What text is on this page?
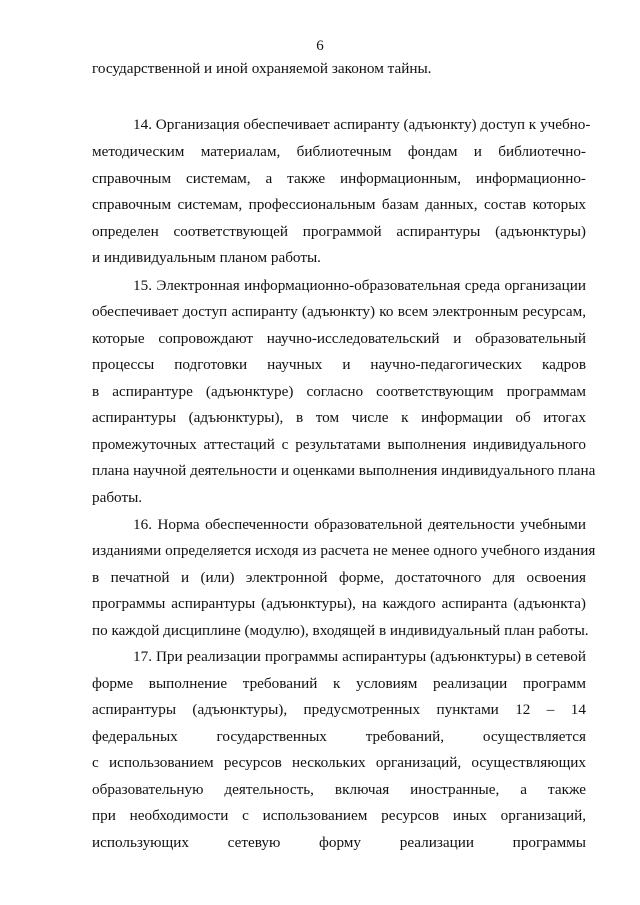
6
государственной и иной охраняемой законом тайны.
14. Организация обеспечивает аспиранту (адъюнкту) доступ к учебно-
методическим материалам, библиотечным фондам и библиотечно-
справочным системам, а также информационным, информационно-
справочным системам, профессиональным базам данных, состав которых
определен соответствующей программой аспирантуры (адъюнктуры)
и индивидуальным планом работы.
15. Электронная информационно-образовательная среда организации
обеспечивает доступ аспиранту (адъюнкту) ко всем электронным ресурсам,
которые сопровождают научно-исследовательский и образовательный
процессы подготовки научных и научно-педагогических кадров
в аспирантуре (адъюнктуре) согласно соответствующим программам
аспирантуры (адъюнктуры), в том числе к информации об итогах
промежуточных аттестаций с результатами выполнения индивидуального
плана научной деятельности и оценками выполнения индивидуального плана
работы.
16. Норма обеспеченности образовательной деятельности учебными
изданиями определяется исходя из расчета не менее одного учебного издания
в печатной и (или) электронной форме, достаточного для освоения
программы аспирантуры (адъюнктуры), на каждого аспиранта (адъюнкта)
по каждой дисциплине (модулю), входящей в индивидуальный план работы.
17. При реализации программы аспирантуры (адъюнктуры) в сетевой
форме выполнение требований к условиям реализации программ
аспирантуры (адъюнктуры), предусмотренных пунктами 12 – 14
федеральных государственных требований, осуществляется
с использованием ресурсов нескольких организаций, осуществляющих
образовательную деятельность, включая иностранные, а также
при необходимости с использованием ресурсов иных организаций,
использующих сетевую форму реализации программы
